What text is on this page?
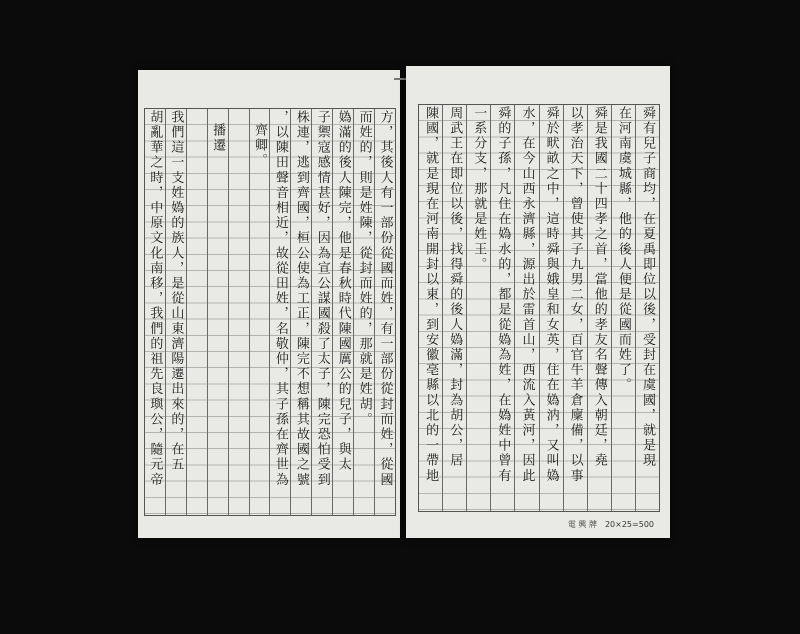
方，其後人有一部份從國而姓，有一部份從封而姓，從國
而姓的，則是姓陳，從封而姓的，那就是姓胡。
媯滿的後人陳完，他是春秋時代陳國厲公的兒子，與太
子禦寇感情甚好，因為宣公謀國殺了太子，陳完恐怕受到
株連，逃到齊國，桓公使為工正，陳完不想稱其故國之號
，以陳田聲音相近，故從田姓，名敬仲，其子孫在齊世為
齊卿。
播遷
我們這一支姓媯的族人，是從山東濟陽遷出來的，在五
胡亂華之時，中原文化南移，我們的祖先良璵公，隨元帝	舜有兒子商均，在夏禹即位以後，受封在虞國，就是現
在河南虞城縣，他的後人便是從國而姓了。
舜是我國二十四孝之首，當他的孝友名聲傳入朝廷，堯
以孝治天下，曾使其子九男二女，百官牛羊倉廩備，以事
舜於畎畝之中，這時舜與娥皇和女英，住在媯汭，又叫媯
水，在今山西永濟縣，源出於雷首山，西流入黃河，因此
舜的子孫，凡住在媯水的，都是從媯為姓，在媯姓中曾有
一系分支，那就是姓王。
周武王在即位以後，找得舜的後人媯滿，封為胡公，居
陳國，就是現在河南開封以東，到安徽亳縣以北的一帶地
電 興 牌　20×25=500
